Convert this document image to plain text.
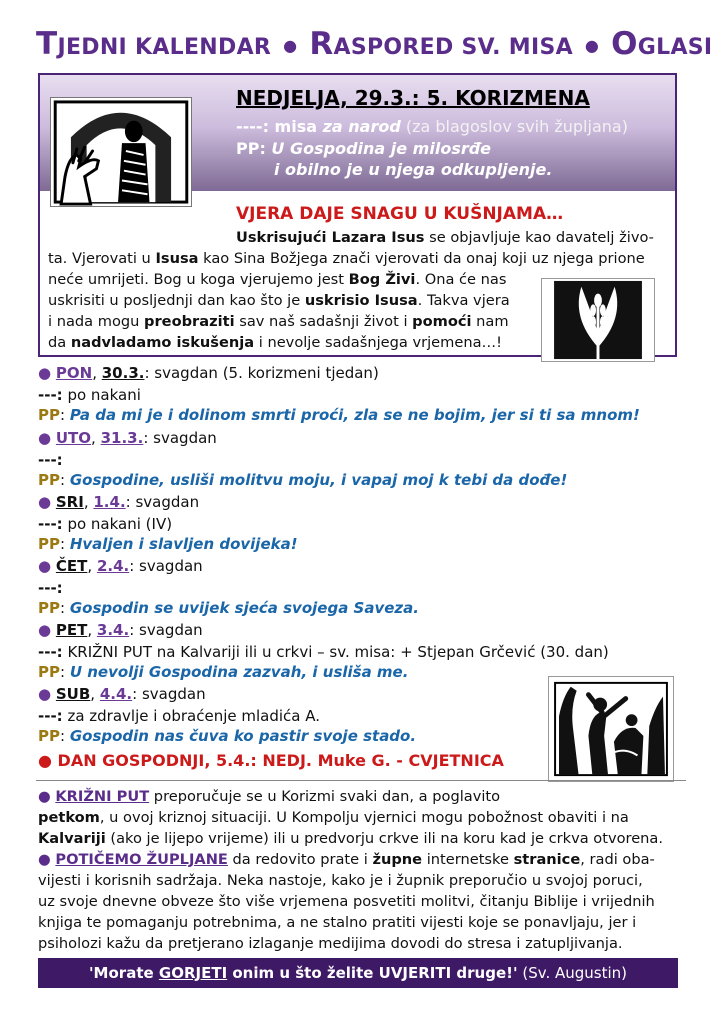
TJEDNI KALENDAR ● RASPORED SV. MISA ● OGLASI
NEDJELJA, 29.3.: 5. KORIZMENA
----: misa za narod (za blagoslov svih župljana)
PP: U Gospodina je milosrđe
i obilno je u njega odkupljenje.
VJERA DAJE SNAGU U KUŠNJAMA…
Uskrisujući Lazara Isus se objavljuje kao davatelj živo-
ta. Vjerovati u Isusa kao Sina Božjega znači vjerovati da onaj koji uz njega prione
neće umrijeti. Bog u koga vjerujemo jest Bog Živi. Ona će nas
uskrisiti u posljednji dan kao što je uskrisio Isusa. Takva vjera
i nada mogu preobraziti sav naš sadašnji život i pomoći nam
da nadvladamo iskušenja i nevolje sadašnjega vrjemena…!
● PON, 30.3.: svagdan (5. korizmeni tjedan)
---: po nakani
PP: Pa da mi je i dolinom smrti proći, zla se ne bojim, jer si ti sa mnom!
● UTO, 31.3.: svagdan
---:
PP: Gospodine, usliši molitvu moju, i vapaj moj k tebi da dođe!
● SRI, 1.4.: svagdan
---: po nakani (IV)
PP: Hvaljen i slavljen dovijeka!
● ČET, 2.4.: svagdan
---:
PP: Gospodin se uvijek sjeća svojega Saveza.
● PET, 3.4.: svagdan
---: KRIŽNI PUT na Kalvariji ili u crkvi – sv. misa: + Stjepan Grčević (30. dan)
PP: U nevolji Gospodina zazvah, i usliša me.
● SUB, 4.4.: svagdan
---: za zdravlje i obraćenje mladića A.
PP: Gospodin nas čuva ko pastir svoje stado.
● DAN GOSPODNJI, 5.4.: NEDJ. Muke G. - CVJETNICA
● KRIŽNI PUT preporučuje se u Korizmi svaki dan, a poglavito
petkom, u ovoj kriznoj situaciji. U Kompolju vjernici mogu pobožnost obaviti i na
Kalvariji (ako je lijepo vrijeme) ili u predvorju crkve ili na koru kad je crkva otvorena.
● POTIČEMO ŽUPLJANE da redovito prate i župne internetske stranice, radi oba-
vijesti i korisnih sadržaja. Neka nastoje, kako je i župnik preporučio u svojoj poruci,
uz svoje dnevne obveze što više vrjemena posvetiti molitvi, čitanju Biblije i vrijednih
knjiga te pomaganju potrebnima, a ne stalno pratiti vijesti koje se ponavljaju, jer i
psiholozi kažu da pretjerano izlaganje medijima dovodi do stresa i zatupljivanja.
'Morate GORJETI onim u što želite UVJERITI druge!' (Sv. Augustin)
